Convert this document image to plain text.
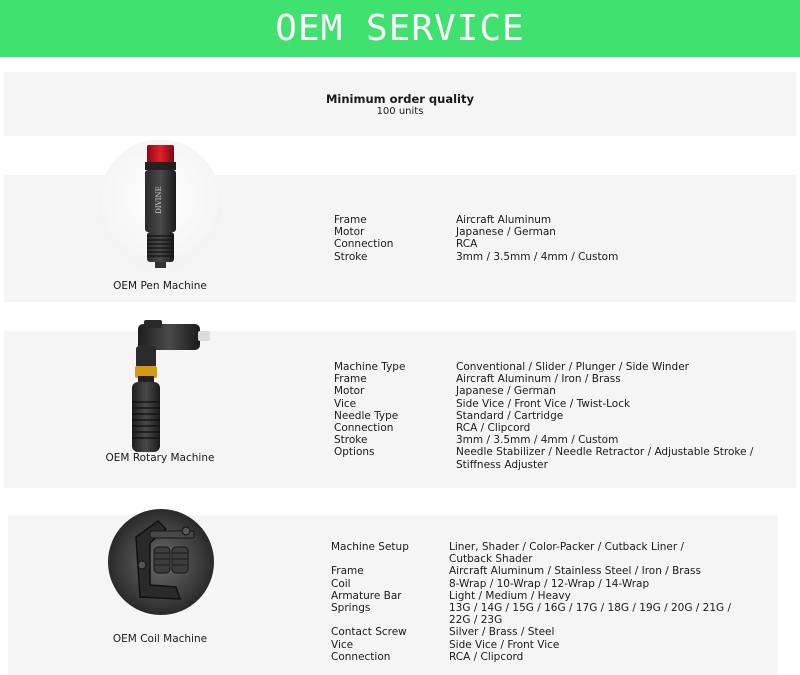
OEM SERVICE
Minimum order quality
100 units
DIVINE
OEM Pen Machine
Frame	Aircraft Aluminum
Motor	Japanese / German
Connection	RCA
Stroke	3mm / 3.5mm / 4mm / Custom
OEM Rotary Machine
Machine Type	Conventional / Slider / Plunger / Side Winder
Frame	Aircraft Aluminum / Iron / Brass
Motor	Japanese / German
Vice	Side Vice / Front Vice / Twist-Lock
Needle Type	Standard / Cartridge
Connection	RCA / Clipcord
Stroke	3mm / 3.5mm / 4mm / Custom
Options	Needle Stabilizer / Needle Retractor / Adjustable Stroke /
Stiffness Adjuster
OEM Coil Machine
Machine Setup	Liner, Shader / Color-Packer / Cutback Liner /
Cutback Shader
Frame	Aircraft Aluminum / Stainless Steel / Iron / Brass
Coil	8-Wrap / 10-Wrap / 12-Wrap / 14-Wrap
Armature Bar	Light / Medium / Heavy
Springs	13G / 14G / 15G / 16G / 17G / 18G / 19G / 20G / 21G /
22G / 23G
Contact Screw	Silver / Brass / Steel
Vice	Side Vice / Front Vice
Connection	RCA / Clipcord
